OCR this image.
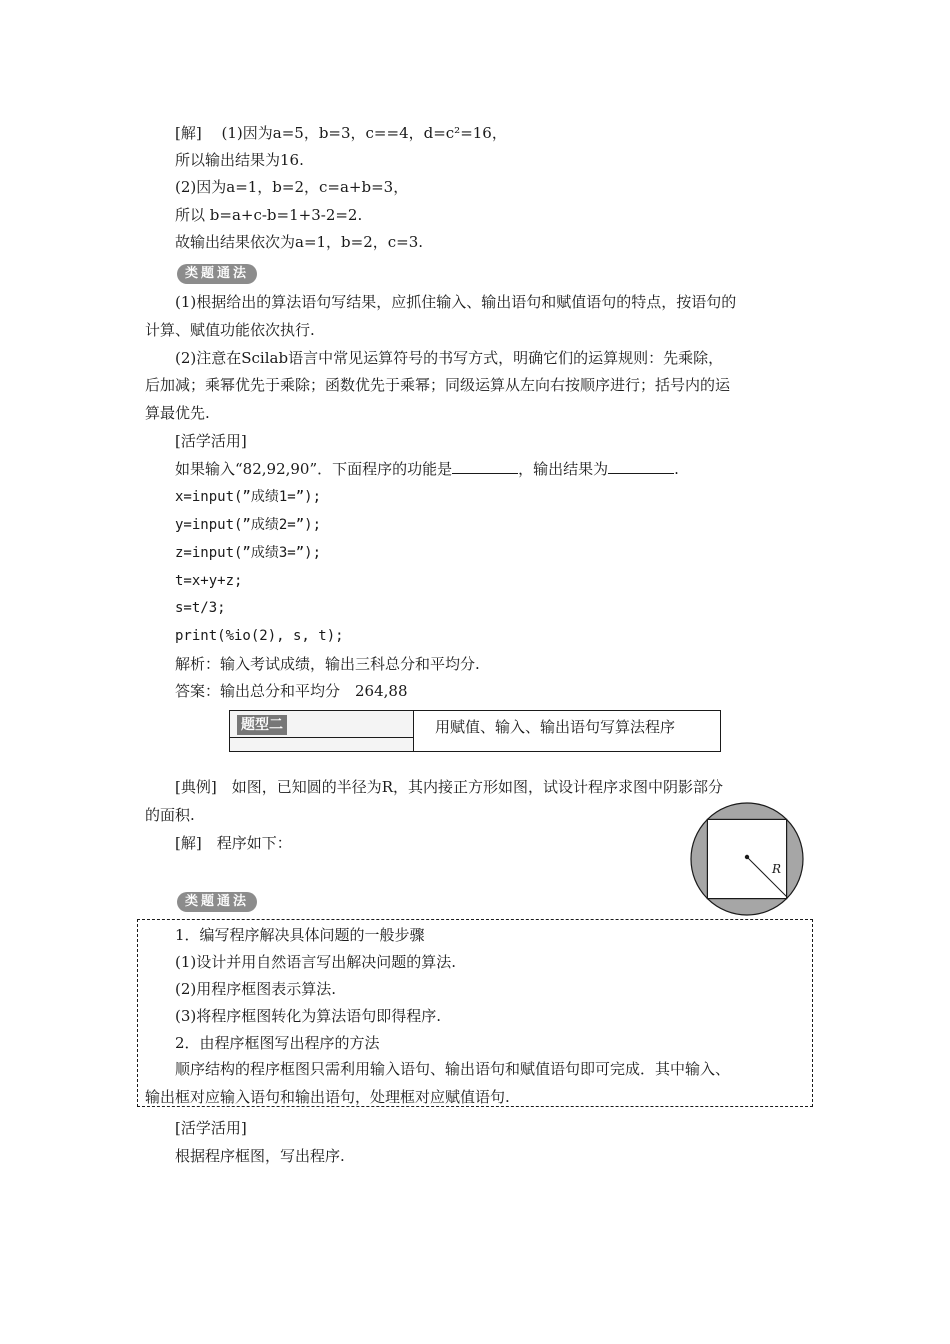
[解] 　 (1)因为a=5，b=3，c==4，d=c²=16，
所以输出结果为16.
(2)因为a=1，b=2，c=a+b=3，
所以 b=a+c-b=1+3-2=2.
故输出结果依次为a=1，b=2，c=3.
类题通法
(1)根据给出的算法语句写结果，应抓住输入、输出语句和赋值语句的特点，按语句的
计算、赋值功能依次执行.
(2)注意在Scilab语言中常见运算符号的书写方式，明确它们的运算规则：先乘除，
后加减；乘幂优先于乘除；函数优先于乘幂；同级运算从左向右按顺序进行；括号内的运
算最优先.
[活学活用]
如果输入“82,92,90”．下面程序的功能是	，输出结果为	.
x=input(”成绩1=”);
y=input(”成绩2=”);
z=input(”成绩3=”);
t=x+y+z;
s=t/3;
print(%io(2), s, t);
解析：输入考试成绩，输出三科总分和平均分.
答案：输出总分和平均分　264,88
题型二	用赋值、输入、输出语句写算法程序
[典例]　如图，已知圆的半径为R，其内接正方形如图，试设计程序求图中阴影部分
的面积.
[解]　程序如下：
R
类题通法
1．编写程序解决具体问题的一般步骤
(1)设计并用自然语言写出解决问题的算法.
(2)用程序框图表示算法.
(3)将程序框图转化为算法语句即得程序.
2．由程序框图写出程序的方法
顺序结构的程序框图只需利用输入语句、输出语句和赋值语句即可完成．其中输入、
输出框对应输入语句和输出语句，处理框对应赋值语句.
[活学活用]
根据程序框图，写出程序.
